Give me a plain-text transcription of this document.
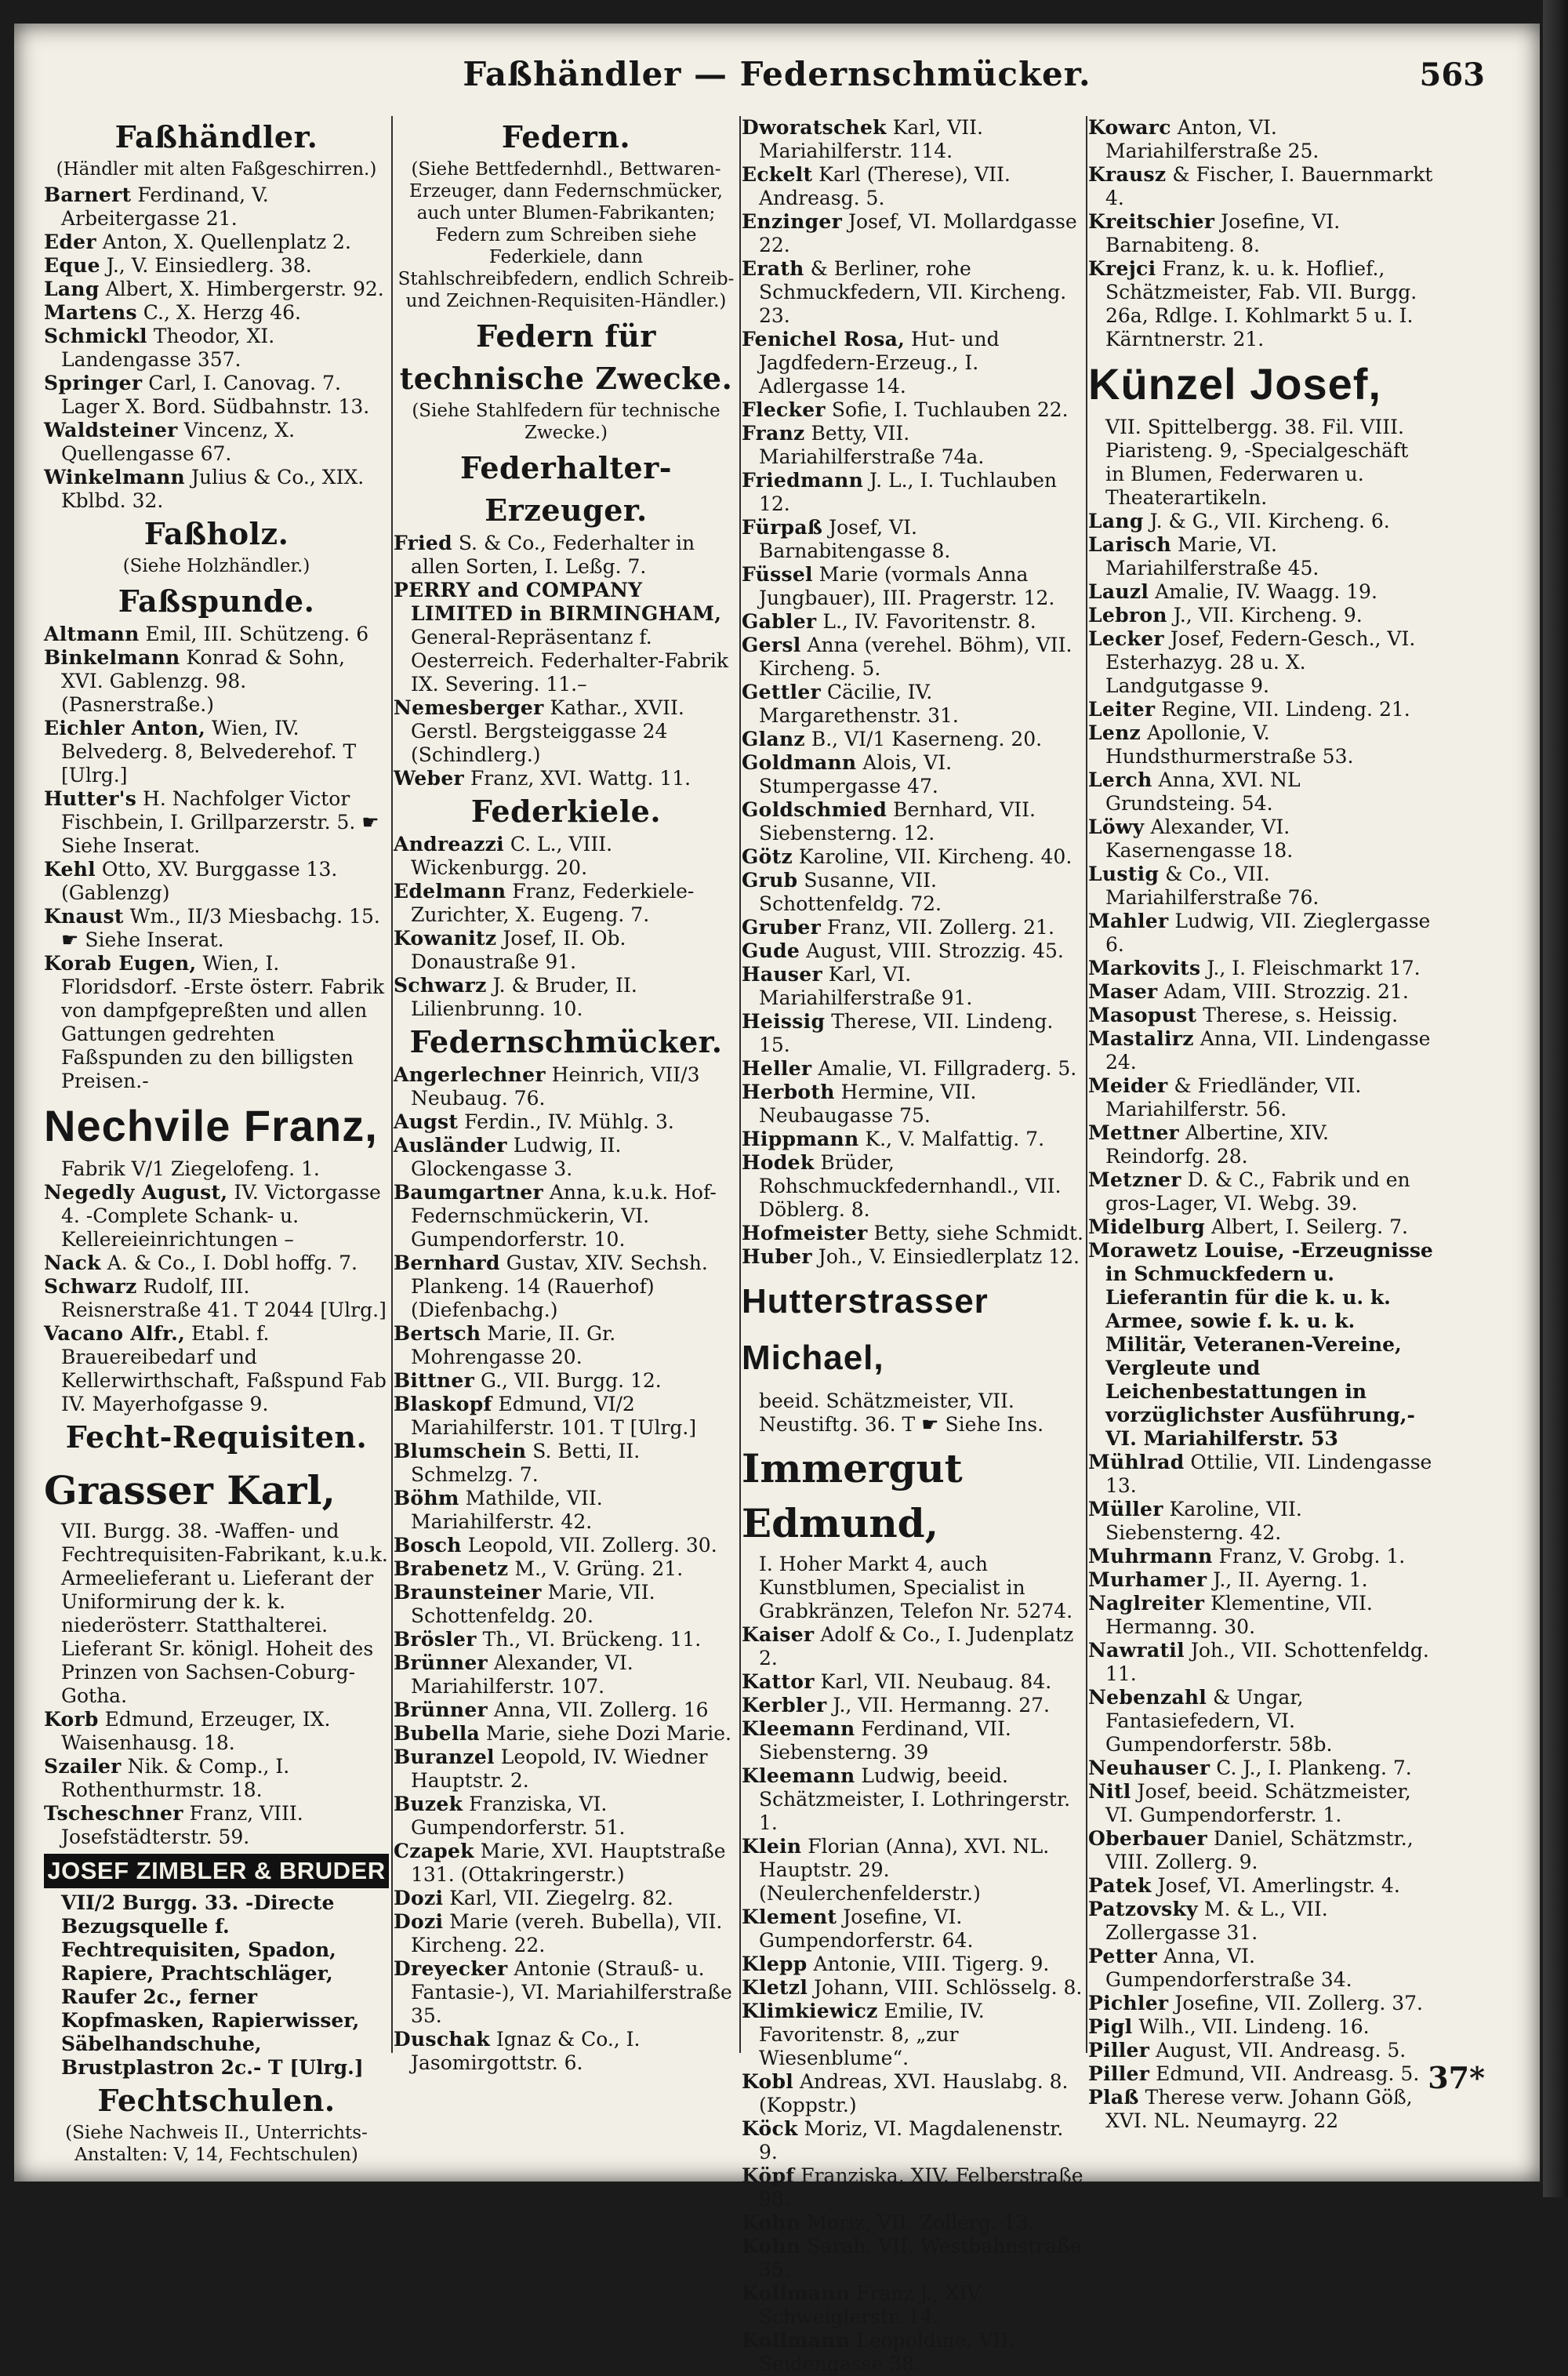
Faßhändler — Federnschmücker.	563

Faßhändler.

(Händler mit alten Faßgeschirren.)

Barnert Ferdinand, V. Arbeitergasse 21.

Eder Anton, X. Quellenplatz 2.

Eque J., V. Einsiedlerg. 38.

Lang Albert, X. Himbergerstr. 92.

Martens C., X. Herzg 46.

Schmickl Theodor, XI. Landengasse 357.

Springer Carl, I. Canovag. 7. Lager X. Bord. Südbahnstr. 13.

Waldsteiner Vincenz, X. Quellengasse 67.

Winkelmann Julius & Co., XIX. Kblbd. 32.

Faßholz.

(Siehe Holzhändler.)

Faßspunde.

Altmann Emil, III. Schützeng. 6

Binkelmann Konrad & Sohn, XVI. Gablenzg. 98. (Pasnerstraße.)

Eichler Anton, Wien, IV. Belvederg. 8, Belvederehof. T [Ulrg.]

Hutter's H. Nachfolger Victor Fischbein, I. Grillparzerstr. 5. ☛ Siehe Inserat.

Kehl Otto, XV. Burggasse 13. (Gablenzg)

Knaust Wm., II/3 Miesbachg. 15. ☛ Siehe Inserat.

Korab Eugen, Wien, I. Floridsdorf. -Erste österr. Fabrik von dampfgepreßten und allen Gattungen gedrehten Faßspunden zu den billigsten Preisen.-

Nechvile Franz,

Fabrik V/1 Ziegelofeng. 1.

Negedly August, IV. Victorgasse 4. -Complete Schank- u. Kellereieinrichtungen –

Nack A. & Co., I. Dobl hoffg. 7.

Schwarz Rudolf, III. Reisnerstraße 41. T 2044 [Ulrg.]

Vacano Alfr., Etabl. f. Brauereibedarf und Kellerwirthschaft, Faßspund Fab IV. Mayerhofgasse 9.

Fecht-Requisiten.

Grasser Karl,

VII. Burgg. 38. -Waffen- und Fechtrequisiten-Fabrikant, k.u.k. Armeelieferant u. Lieferant der Uniformirung der k. k. niederösterr. Statthalterei. Lieferant Sr. königl. Hoheit des Prinzen von Sachsen-Coburg-Gotha.

Korb Edmund, Erzeuger, IX. Waisenhausg. 18.

Szailer Nik. & Comp., I. Rothenthurmstr. 18.

Tscheschner Franz, VIII. Josefstädterstr. 59.

JOSEF ZIMBLER & BRUDER

VII/2 Burgg. 33. -Directe Bezugsquelle f. Fechtrequisiten, Spadon, Rapiere, Prachtschläger, Raufer 2c., ferner Kopfmasken, Rapierwisser, Säbelhandschuhe, Brustplastron 2c.- T [Ulrg.]

Fechtschulen.

(Siehe Nachweis II., Unterrichts-Anstalten: V, 14, Fechtschulen)

Federn.

(Siehe Bettfedernhdl., Bettwaren-Erzeuger, dann Federnschmücker, auch unter Blumen-Fabrikanten; Federn zum Schreiben siehe Federkiele, dann Stahlschreibfedern, endlich Schreib- und Zeichnen-Requisiten-Händler.)

Federn für technische Zwecke.

(Siehe Stahlfedern für technische Zwecke.)

Federhalter-Erzeuger.

Fried S. & Co., Federhalter in allen Sorten, I. Leßg. 7.

PERRY and COMPANY LIMITED in BIRMINGHAM, General-Repräsentanz f. Oesterreich. Federhalter-Fabrik IX. Severing. 11.–

Nemesberger Kathar., XVII. Gerstl. Bergsteiggasse 24 (Schindlerg.)

Weber Franz, XVI. Wattg. 11.

Federkiele.

Andreazzi C. L., VIII. Wickenburgg. 20.

Edelmann Franz, Federkiele-Zurichter, X. Eugeng. 7.

Kowanitz Josef, II. Ob. Donaustraße 91.

Schwarz J. & Bruder, II. Lilienbrunng. 10.

Federnschmücker.

Angerlechner Heinrich, VII/3 Neubaug. 76.

Augst Ferdin., IV. Mühlg. 3.

Ausländer Ludwig, II. Glockengasse 3.

Baumgartner Anna, k.u.k. Hof-Federnschmückerin, VI. Gumpendorferstr. 10.

Bernhard Gustav, XIV. Sechsh. Plankeng. 14 (Rauerhof) (Diefenbachg.)

Bertsch Marie, II. Gr. Mohrengasse 20.

Bittner G., VII. Burgg. 12.

Blaskopf Edmund, VI/2 Mariahilferstr. 101. T [Ulrg.]

Blumschein S. Betti, II. Schmelzg. 7.

Böhm Mathilde, VII. Mariahilferstr. 42.

Bosch Leopold, VII. Zollerg. 30.

Brabenetz M., V. Grüng. 21.

Braunsteiner Marie, VII. Schottenfeldg. 20.

Brösler Th., VI. Brückeng. 11.

Brünner Alexander, VI. Mariahilferstr. 107.

Brünner Anna, VII. Zollerg. 16

Bubella Marie, siehe Dozi Marie.

Buranzel Leopold, IV. Wiedner Hauptstr. 2.

Buzek Franziska, VI. Gumpendorferstr. 51.

Czapek Marie, XVI. Hauptstraße 131. (Ottakringerstr.)

Dozi Karl, VII. Ziegelrg. 82.

Dozi Marie (vereh. Bubella), VII. Kircheng. 22.

Dreyecker Antonie (Strauß- u. Fantasie-), VI. Mariahilferstraße 35.

Duschak Ignaz & Co., I. Jasomirgottstr. 6.

Dworatschek Karl, VII. Mariahilferstr. 114.

Eckelt Karl (Therese), VII. Andreasg. 5.

Enzinger Josef, VI. Mollardgasse 22.

Erath & Berliner, rohe Schmuckfedern, VII. Kircheng. 23.

Fenichel Rosa, Hut- und Jagdfedern-Erzeug., I. Adlergasse 14.

Flecker Sofie, I. Tuchlauben 22.

Franz Betty, VII. Mariahilferstraße 74a.

Friedmann J. L., I. Tuchlauben 12.

Fürpaß Josef, VI. Barnabitengasse 8.

Füssel Marie (vormals Anna Jungbauer), III. Pragerstr. 12.

Gabler L., IV. Favoritenstr. 8.

Gersl Anna (verehel. Böhm), VII. Kircheng. 5.

Gettler Cäcilie, IV. Margarethenstr. 31.

Glanz B., VI/1 Kaserneng. 20.

Goldmann Alois, VI. Stumpergasse 47.

Goldschmied Bernhard, VII. Siebensterng. 12.

Götz Karoline, VII. Kircheng. 40.

Grub Susanne, VII. Schottenfeldg. 72.

Gruber Franz, VII. Zollerg. 21.

Gude August, VIII. Strozzig. 45.

Hauser Karl, VI. Mariahilferstraße 91.

Heissig Therese, VII. Lindeng. 15.

Heller Amalie, VI. Fillgraderg. 5.

Herboth Hermine, VII. Neubaugasse 75.

Hippmann K., V. Malfattig. 7.

Hodek Brüder, Rohschmuckfedernhandl., VII. Döblerg. 8.

Hofmeister Betty, siehe Schmidt.

Huber Joh., V. Einsiedlerplatz 12.

Hutterstrasser Michael,

beeid. Schätzmeister, VII. Neustiftg. 36. T ☛ Siehe Ins.

Immergut Edmund,

I. Hoher Markt 4, auch Kunstblumen, Specialist in Grabkränzen, Telefon Nr. 5274.

Kaiser Adolf & Co., I. Judenplatz 2.

Kattor Karl, VII. Neubaug. 84.

Kerbler J., VII. Hermanng. 27.

Kleemann Ferdinand, VII. Siebensterng. 39

Kleemann Ludwig, beeid. Schätzmeister, I. Lothringerstr. 1.

Klein Florian (Anna), XVI. NL. Hauptstr. 29. (Neulerchenfelderstr.)

Klement Josefine, VI. Gumpendorferstr. 64.

Klepp Antonie, VIII. Tigerg. 9.

Kletzl Johann, VIII. Schlösselg. 8.

Klimkiewicz Emilie, IV. Favoritenstr. 8, „zur Wiesenblume“.

Kobl Andreas, XVI. Hauslabg. 8. (Koppstr.)

Köck Moriz, VI. Magdalenenstr. 9.

Köpf Franziska, XIV. Felberstraße 98.

Kohn Moriz, VII. Zollerg. 13.

Kohn Sarah, VII. Westbahnstraße 35.

Kollmann Franz J., XIV. Schweiglerstr. 14.

Kollmann Leopoldine, VII. Seidengasse 38.

Kowarc Anton, VI. Mariahilferstraße 25.

Krausz & Fischer, I. Bauernmarkt 4.

Kreitschier Josefine, VI. Barnabiteng. 8.

Krejci Franz, k. u. k. Hoflief., Schätzmeister, Fab. VII. Burgg. 26a, Rdlge. I. Kohlmarkt 5 u. I. Kärntnerstr. 21.

Künzel Josef,

VII. Spittelbergg. 38. Fil. VIII. Piaristeng. 9, -Specialgeschäft in Blumen, Federwaren u. Theaterartikeln.

Lang J. & G., VII. Kircheng. 6.

Larisch Marie, VI. Mariahilferstraße 45.

Lauzl Amalie, IV. Waagg. 19.

Lebron J., VII. Kircheng. 9.

Lecker Josef, Federn-Gesch., VI. Esterhazyg. 28 u. X. Landgutgasse 9.

Leiter Regine, VII. Lindeng. 21.

Lenz Apollonie, V. Hundsthurmerstraße 53.

Lerch Anna, XVI. NL Grundsteing. 54.

Löwy Alexander, VI. Kasernengasse 18.

Lustig & Co., VII. Mariahilferstraße 76.

Mahler Ludwig, VII. Zieglergasse 6.

Markovits J., I. Fleischmarkt 17.

Maser Adam, VIII. Strozzig. 21.

Masopust Therese, s. Heissig.

Mastalirz Anna, VII. Lindengasse 24.

Meider & Friedländer, VII. Mariahilferstr. 56.

Mettner Albertine, XIV. Reindorfg. 28.

Metzner D. & C., Fabrik und en gros-Lager, VI. Webg. 39.

Midelburg Albert, I. Seilerg. 7.

Morawetz Louise, -Erzeugnisse in Schmuckfedern u. Lieferantin für die k. u. k. Armee, sowie f. k. u. k. Militär, Veteranen-Vereine, Vergleute und Leichenbestattungen in vorzüglichster Ausführung,- VI. Mariahilferstr. 53

Mühlrad Ottilie, VII. Lindengasse 13.

Müller Karoline, VII. Siebensterng. 42.

Muhrmann Franz, V. Grobg. 1.

Murhamer J., II. Ayerng. 1.

Naglreiter Klementine, VII. Hermanng. 30.

Nawratil Joh., VII. Schottenfeldg. 11.

Nebenzahl & Ungar, Fantasiefedern, VI. Gumpendorferstr. 58b.

Neuhauser C. J., I. Plankeng. 7.

Nitl Josef, beeid. Schätzmeister, VI. Gumpendorferstr. 1.

Oberbauer Daniel, Schätzmstr., VIII. Zollerg. 9.

Patek Josef, VI. Amerlingstr. 4.

Patzovsky M. & L., VII. Zollergasse 31.

Petter Anna, VI. Gumpendorferstraße 34.

Pichler Josefine, VII. Zollerg. 37.

Pigl Wilh., VII. Lindeng. 16.

Piller August, VII. Andreasg. 5.

Piller Edmund, VII. Andreasg. 5.

Plaß Therese verw. Johann Göß, XVI. NL. Neumayrg. 22

37*
